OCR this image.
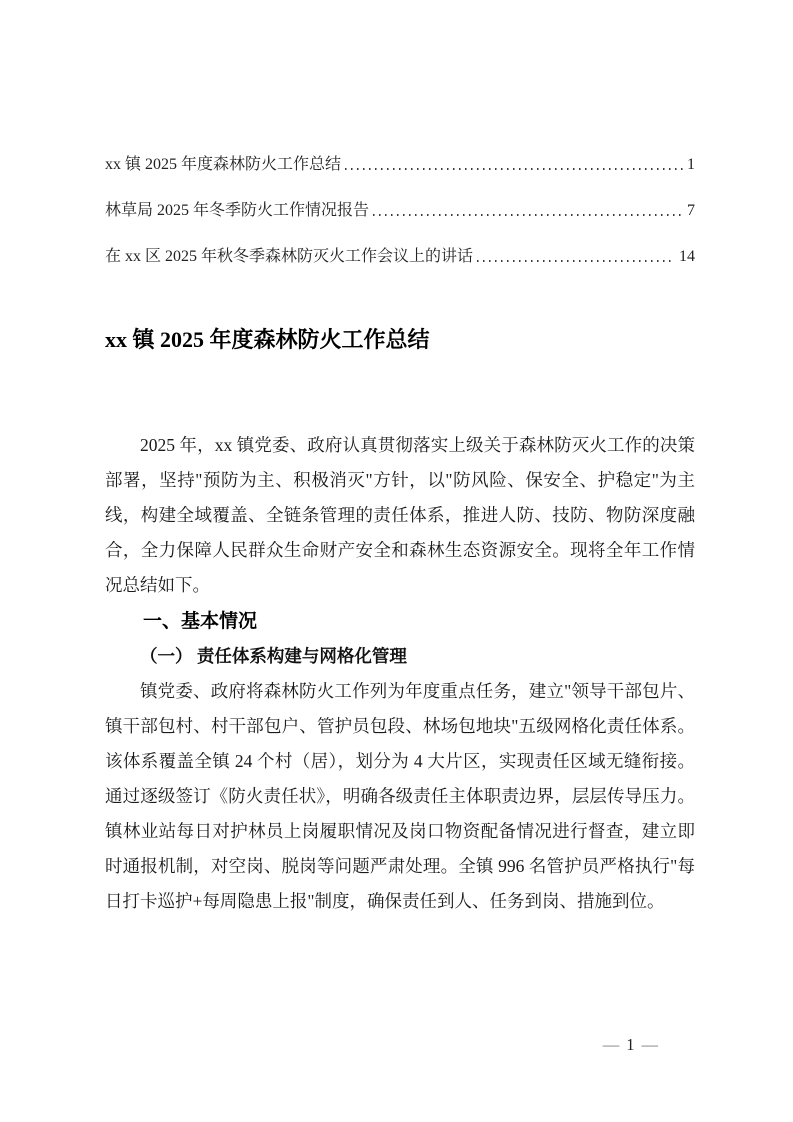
xx 镇 2025 年度森林防火工作总结	1
林草局 2025 年冬季防火工作情况报告	7
在 xx 区 2025 年秋冬季森林防灭火工作会议上的讲话	14
xx 镇 2025 年度森林防火工作总结

2025 年，xx 镇党委、政府认真贯彻落实上级关于森林防灭火工作的决策部署，坚持"预防为主、积极消灭"方针，以"防风险、保安全、护稳定"为主线，构建全域覆盖、全链条管理的责任体系，推进人防、技防、物防深度融合，全力保障人民群众生命财产安全和森林生态资源安全。现将全年工作情况总结如下。

一、基本情况
（一） 责任体系构建与网格化管理

镇党委、政府将森林防火工作列为年度重点任务，建立"领导干部包片、镇干部包村、村干部包户、管护员包段、林场包地块"五级网格化责任体系。该体系覆盖全镇 24 个村（居），划分为 4 大片区，实现责任区域无缝衔接。通过逐级签订《防火责任状》，明确各级责任主体职责边界，层层传导压力。镇林业站每日对护林员上岗履职情况及岗口物资配备情况进行督查，建立即时通报机制，对空岗、脱岗等问题严肃处理。全镇 996 名管护员严格执行"每日打卡巡护+每周隐患上报"制度，确保责任到人、任务到岗、措施到位。

— 1 —
